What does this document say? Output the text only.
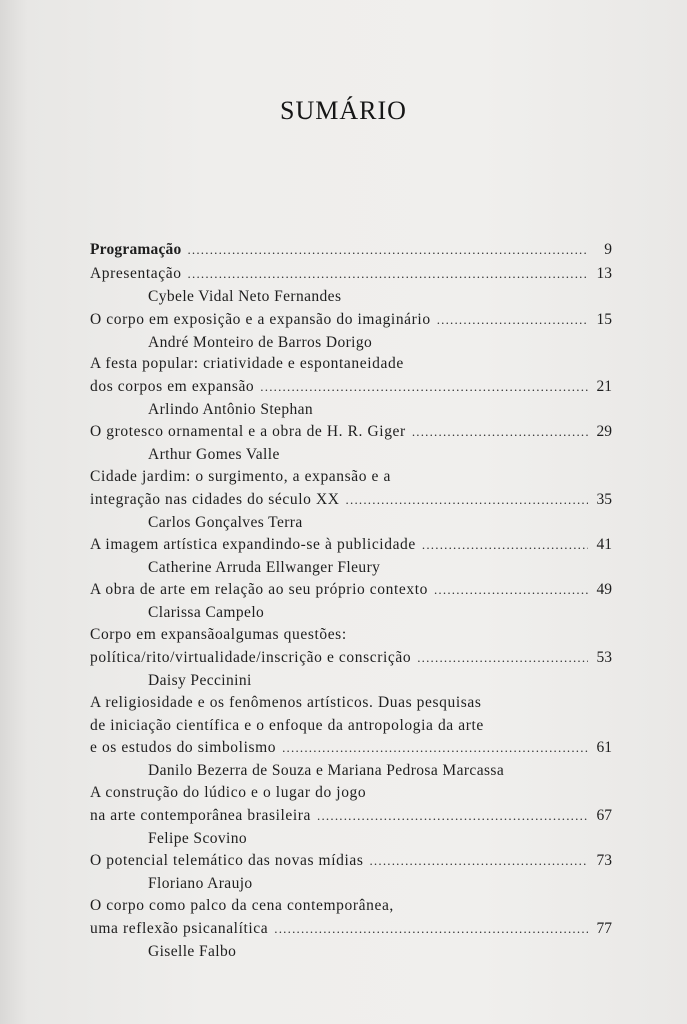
SUMÁRIO
Programação .....	9
Apresentação .....	13
Cybele Vidal Neto Fernandes
O corpo em exposição e a expansão do imaginário .....	15
André Monteiro de Barros Dorigo
A festa popular: criatividade e espontaneidade
dos corpos em expansão .....	21
Arlindo Antônio Stephan
O grotesco ornamental e a obra de H. R. Giger .....	29
Arthur Gomes Valle
Cidade jardim: o surgimento, a expansão e a
integração nas cidades do século XX .....	35
Carlos Gonçalves Terra
A imagem artística expandindo-se à publicidade .....	41
Catherine Arruda Ellwanger Fleury
A obra de arte em relação ao seu próprio contexto .....	49
Clarissa Campelo
Corpo em expansãoalgumas questões:
política/rito/virtualidade/inscrição e conscrição .....	53
Daisy Peccinini
A religiosidade e os fenômenos artísticos. Duas pesquisas
de iniciação científica e o enfoque da antropologia da arte
e os estudos do simbolismo .....	61
Danilo Bezerra de Souza e Mariana Pedrosa Marcassa
A construção do lúdico e o lugar do jogo
na arte contemporânea brasileira .....	67
Felipe Scovino
O potencial telemático das novas mídias .....	73
Floriano Araujo
O corpo como palco da cena contemporânea,
uma reflexão psicanalítica .....	77
Giselle Falbo
